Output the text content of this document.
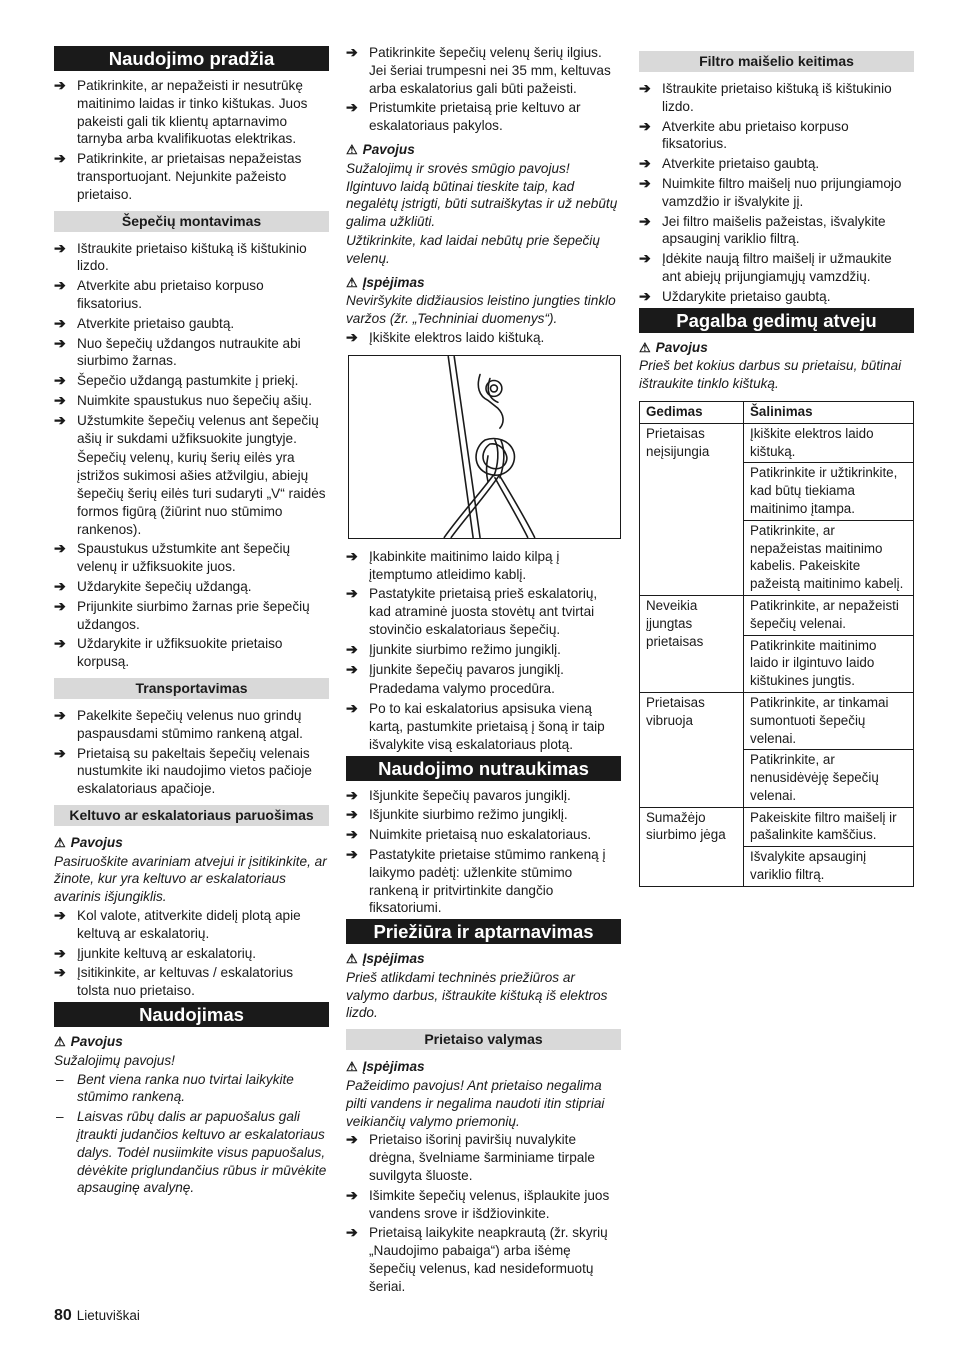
Naudojimo pradžia
➔ Patikrinkite, ar nepažeisti ir nesutrūkę maitinimo laidas ir tinko kištukas. Juos pakeisti gali tik klientų aptarnavimo tarnyba arba kvalifikuotas elektrikas.
➔ Patikrinkite, ar prietaisas nepažeistas transportuojant. Nejunkite pažeisto prietaiso.
Šepečių montavimas
➔ Ištraukite prietaiso kištuką iš kištukinio lizdo.
➔ Atverkite abu prietaiso korpuso fiksatorius.
➔ Atverkite prietaiso gaubtą.
➔ Nuo šepečių uždangos nutraukite abi siurbimo žarnas.
➔ Šepečio uždangą pastumkite į priekį.
➔ Nuimkite spaustukus nuo šepečių ašių.
➔ Užstumkite šepečių velenus ant šepečių ašių ir sukdami užfiksuokite jungtyje.
Šepečių velenų, kurių šerių eilės yra įstrižos sukimosi ašies atžvilgiu, abiejų šepečių šerių eilės turi sudaryti „V“ raidės formos figūrą (žiūrint nuo stūmimo rankenos).
➔ Spaustukus užstumkite ant šepečių velenų ir užfiksuokite juos.
➔ Uždarykite šepečių uždangą.
➔ Prijunkite siurbimo žarnas prie šepečių uždangos.
➔ Uždarykite ir užfiksuokite prietaiso korpusą.
Transportavimas
➔ Pakelkite šepečių velenus nuo grindų paspausdami stūmimo rankeną atgal.
➔ Prietaisą su pakeltais šepečių velenais nustumkite iki naudojimo vietos pačioje eskalatoriaus apačioje.
Keltuvo ar eskalatoriaus paruošimas
⚠ Pavojus
Pasiruoškite avariniam atvejui ir įsitikinkite, ar žinote, kur yra keltuvo ar eskalatoriaus avarinis išjungiklis.
➔ Kol valote, atitverkite didelį plotą apie keltuvą ar eskalatorių.
➔ Įjunkite keltuvą ar eskalatorių.
➔ Įsitikinkite, ar keltuvas / eskalatorius tolsta nuo prietaiso.
Naudojimas
⚠ Pavojus
Sužalojimų pavojus!
– Bent viena ranka nuo tvirtai laikykite stūmimo rankeną.
– Laisvas rūbų dalis ar papuošalus gali įtraukti judančios keltuvo ar eskalatoriaus dalys. Todėl nusiimkite visus papuošalus, dėvėkite priglundančius rūbus ir mūvėkite apsauginę avalynę.
➔ Patikrinkite šepečių velenų šerių ilgius. Jei šeriai trumpesni nei 35 mm, keltuvas arba eskalatorius gali būti pažeisti.
➔ Pristumkite prietaisą prie keltuvo ar eskalatoriaus pakylos.
⚠ Pavojus
Sužalojimų ir srovės smūgio pavojus! Ilgintuvo laidą būtinai tieskite taip, kad negalėtų įstrigti, būti sutraiškytas ir už nebūtų galima užkliūti.
Užtikrinkite, kad laidai nebūtų prie šepečių velenų.
⚠ Įspėjimas
Neviršykite didžiausios leistino jungties tinklo varžos (žr. „Techniniai duomenys“).
➔ Įkiškite elektros laido kištuką.
➔ Įkabinkite maitinimo laido kilpą į įtemptumo atleidimo kablį.
➔ Pastatykite prietaisą prieš eskalatorių, kad atraminė juosta stovėtų ant tvirtai stovinčio eskalatoriaus šepečių.
➔ Įjunkite siurbimo režimo jungiklį.
➔ Įjunkite šepečių pavaros jungiklį.
Pradedama valymo procedūra.
➔ Po to kai eskalatorius apsisuka vieną kartą, pastumkite prietaisą į šoną ir taip išvalykite visą eskalatoriaus plotą.
Naudojimo nutraukimas
➔ Išjunkite šepečių pavaros jungiklį.
➔ Išjunkite siurbimo režimo jungiklį.
➔ Nuimkite prietaisą nuo eskalatoriaus.
➔ Pastatykite prietaise stūmimo rankeną į laikymo padėtį: užlenkite stūmimo rankeną ir pritvirtinkite dangčio fiksatoriumi.
Priežiūra ir aptarnavimas
⚠ Įspėjimas
Prieš atlikdami techninės priežiūros ar valymo darbus, ištraukite kištuką iš elektros lizdo.
Prietaiso valymas
⚠ Įspėjimas
Pažeidimo pavojus! Ant prietaiso negalima pilti vandens ir negalima naudoti itin stipriai veikiančių valymo priemonių.
➔ Prietaiso išorinį paviršių nuvalykite drėgna, švelniame šarminiame tirpale suvilgyta šluoste.
➔ Išimkite šepečių velenus, išplaukite juos vandens srove ir išdžiovinkite.
➔ Prietaisą laikykite neapkrautą (žr. skyrių „Naudojimo pabaiga“) arba išėmę šepečių velenus, kad nesideformuotų šeriai.
Filtro maišelio keitimas
➔ Ištraukite prietaiso kištuką iš kištukinio lizdo.
➔ Atverkite abu prietaiso korpuso fiksatorius.
➔ Atverkite prietaiso gaubtą.
➔ Nuimkite filtro maišelį nuo prijungiamojo vamzdžio ir išvalykite jį.
➔ Jei filtro maišelis pažeistas, išvalykite apsauginį variklio filtrą.
➔ Įdėkite naują filtro maišelį ir užmaukite ant abiejų prijungiamųjų vamzdžių.
➔ Uždarykite prietaiso gaubtą.
Pagalba gedimų atveju
⚠ Pavojus
Prieš bet kokius darbus su prietaisu, būtinai ištraukite tinklo kištuką.
Gedimas	Šalinimas
Prietaisas neįsijungia	Įkiškite elektros laido kištuką.
	Patikrinkite ir užtikrinkite, kad būtų tiekiama maitinimo įtampa.
	Patikrinkite, ar nepažeistas maitinimo kabelis. Pakeiskite pažeistą maitinimo kabelį.
Neveikia įjungtas prietaisas	Patikrinkite, ar nepažeisti šepečių velenai.
	Patikrinkite maitinimo laido ir ilgintuvo laido kištukines jungtis.
Prietaisas vibruoja	Patikrinkite, ar tinkamai sumontuoti šepečių velenai.
	Patikrinkite, ar nenusidėvėję šepečių velenai.
Sumažėjo siurbimo jėga	Pakeiskite filtro maišelį ir pašalinkite kamščius.
	Išvalykite apsauginį variklio filtrą.
80 Lietuviškai
